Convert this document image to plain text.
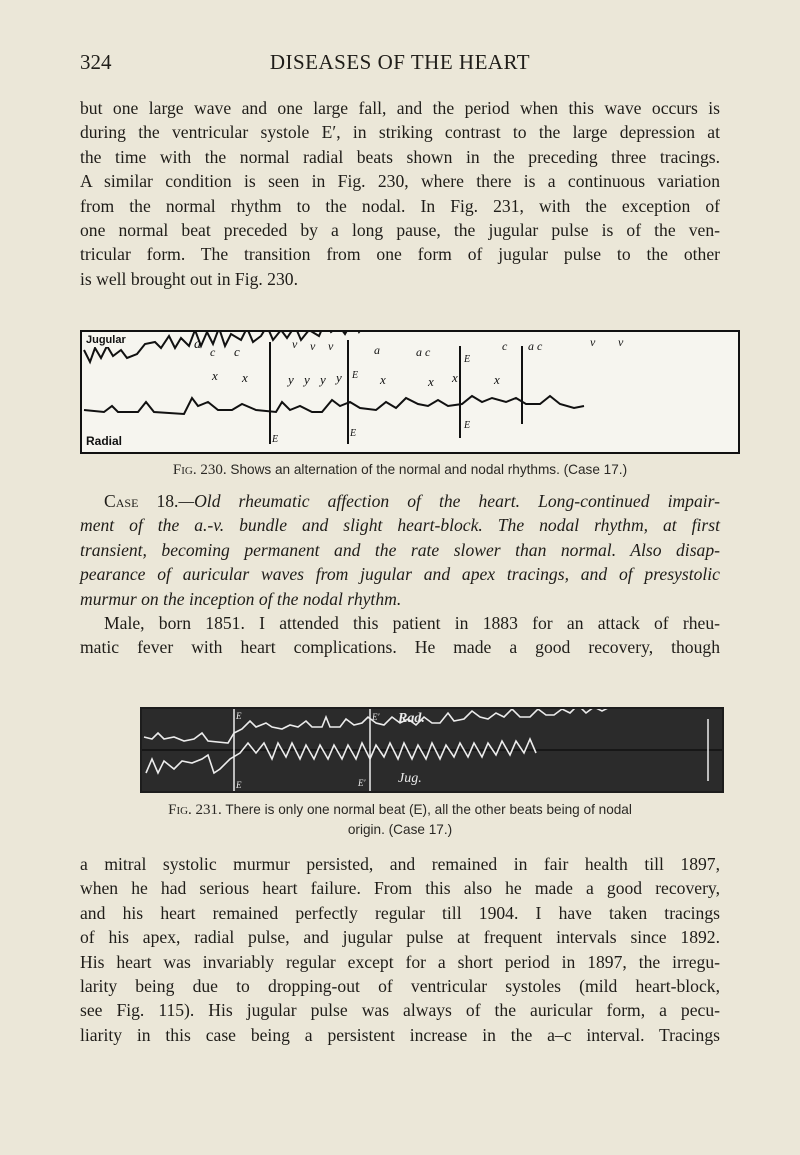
324	DISEASES OF THE HEART
but one large wave and one large fall, and the period when this wave occurs is
during the ventricular systole E′, in striking contrast to the large depression at
the time with the normal radial beats shown in the preceding three tracings.
A similar condition is seen in Fig. 230, where there is a continuous variation
from the normal rhythm to the nodal. In Fig. 231, with the exception of
one normal beat preceded by a long pause, the jugular pulse is of the ven-
tricular form. The transition from one form of jugular pulse to the other
is well brought out in Fig. 230.
a c c	v v v	a	a c	c a c	v v
x x	y y y y	x	x x	x
E
E
E
E
E
Jugular
Radial
Fig. 230. Shows an alternation of the normal and nodal rhythms. (Case 17.)
Case 18.—Old rheumatic affection of the heart. Long-continued impair-
ment of the a.-v. bundle and slight heart-block. The nodal rhythm, at first
transient, becoming permanent and the rate slower than normal. Also disap-
pearance of auricular waves from jugular and apex tracings, and of presystolic
murmur on the inception of the nodal rhythm.
Male, born 1851. I attended this patient in 1883 for an attack of rheu-
matic fever with heart complications. He made a good recovery, though
E
E
E′
E′
Rad.
Jug.
Fig. 231. There is only one normal beat (E), all the other beats being of nodal
origin. (Case 17.)
a mitral systolic murmur persisted, and remained in fair health till 1897,
when he had serious heart failure. From this also he made a good recovery,
and his heart remained perfectly regular till 1904. I have taken tracings
of his apex, radial pulse, and jugular pulse at frequent intervals since 1892.
His heart was invariably regular except for a short period in 1897, the irregu-
larity being due to dropping-out of ventricular systoles (mild heart-block,
see Fig. 115). His jugular pulse was always of the auricular form, a pecu-
liarity in this case being a persistent increase in the a–c interval. Tracings
